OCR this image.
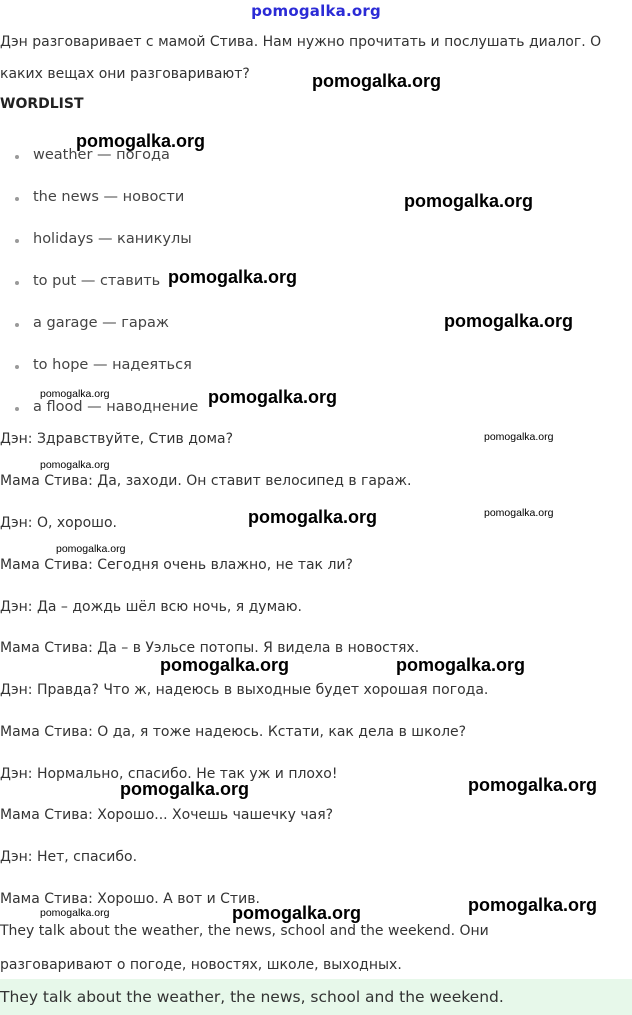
pomogalka.org
Дэн разговаривает с мамой Стива. Нам нужно прочитать и послушать диалог. О
каких вещах они разговаривают?
WORDLIST
weather — погода
the news — новости
holidays — каникулы
to put — ставить
a garage — гараж
to hope — надеяться
a flood — наводнение
Дэн: Здравствуйте, Стив дома?
Мама Стива: Да, заходи. Он ставит велосипед в гараж.
Дэн: О, хорошо.
Мама Стива: Сегодня очень влажно, не так ли?
Дэн: Да – дождь шёл всю ночь, я думаю.
Мама Стива: Да – в Уэльсе потопы. Я видела в новостях.
Дэн: Правда? Что ж, надеюсь в выходные будет хорошая погода.
Мама Стива: О да, я тоже надеюсь. Кстати, как дела в школе?
Дэн: Нормально, спасибо. Не так уж и плохо!
Мама Стива: Хорошо... Хочешь чашечку чая?
Дэн: Нет, спасибо.
Мама Стива: Хорошо. А вот и Стив.
They talk about the weather, the news, school and the weekend. Они
разговаривают о погоде, новостях, школе, выходных.
They talk about the weather, the news, school and the weekend.
pomogalka.org
pomogalka.org
pomogalka.org
pomogalka.org
pomogalka.org
pomogalka.org	pomogalka.org
pomogalka.org
pomogalka.org
pomogalka.org	pomogalka.org
pomogalka.org
pomogalka.org	pomogalka.org
pomogalka.org
pomogalka.org
pomogalka.org
pomogalka.org	pomogalka.org
